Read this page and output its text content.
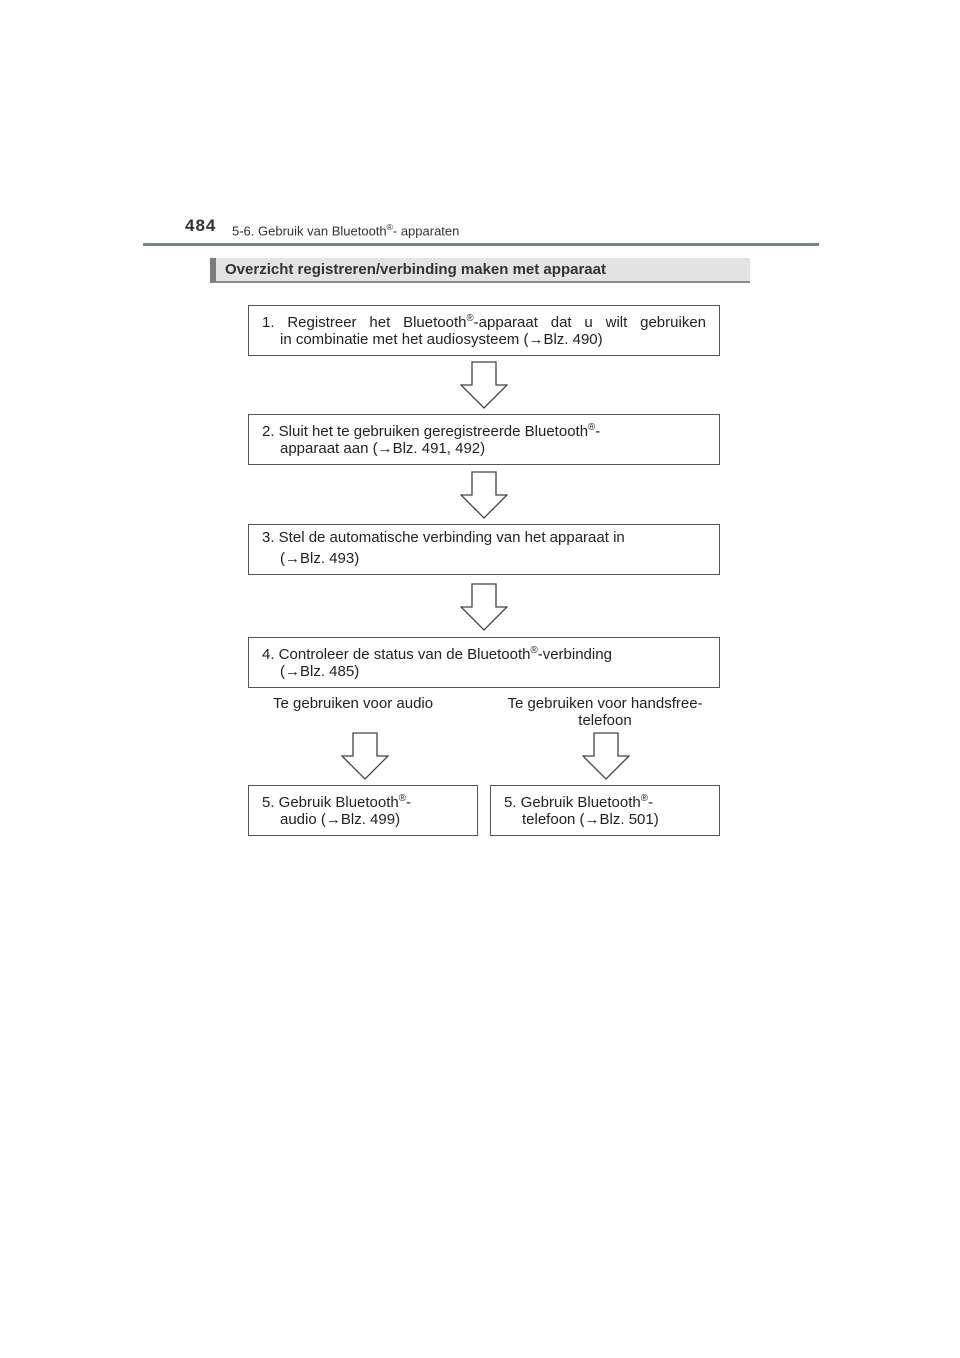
484 5-6. Gebruik van Bluetooth®- apparaten
Overzicht registreren/verbinding maken met apparaat
1. Registreer het Bluetooth®-apparaat dat u wilt gebruiken
in combinatie met het audiosysteem (→Blz. 490)
2. Sluit het te gebruiken geregistreerde Bluetooth®-
apparaat aan (→Blz. 491, 492)
3. Stel de automatische verbinding van het apparaat in
(→Blz. 493)
4. Controleer de status van de Bluetooth®-verbinding
(→Blz. 485)
Te gebruiken voor audio	Te gebruiken voor handsfree-
telefoon
5. Gebruik Bluetooth®-
audio (→Blz. 499)
5. Gebruik Bluetooth®-
telefoon (→Blz. 501)
